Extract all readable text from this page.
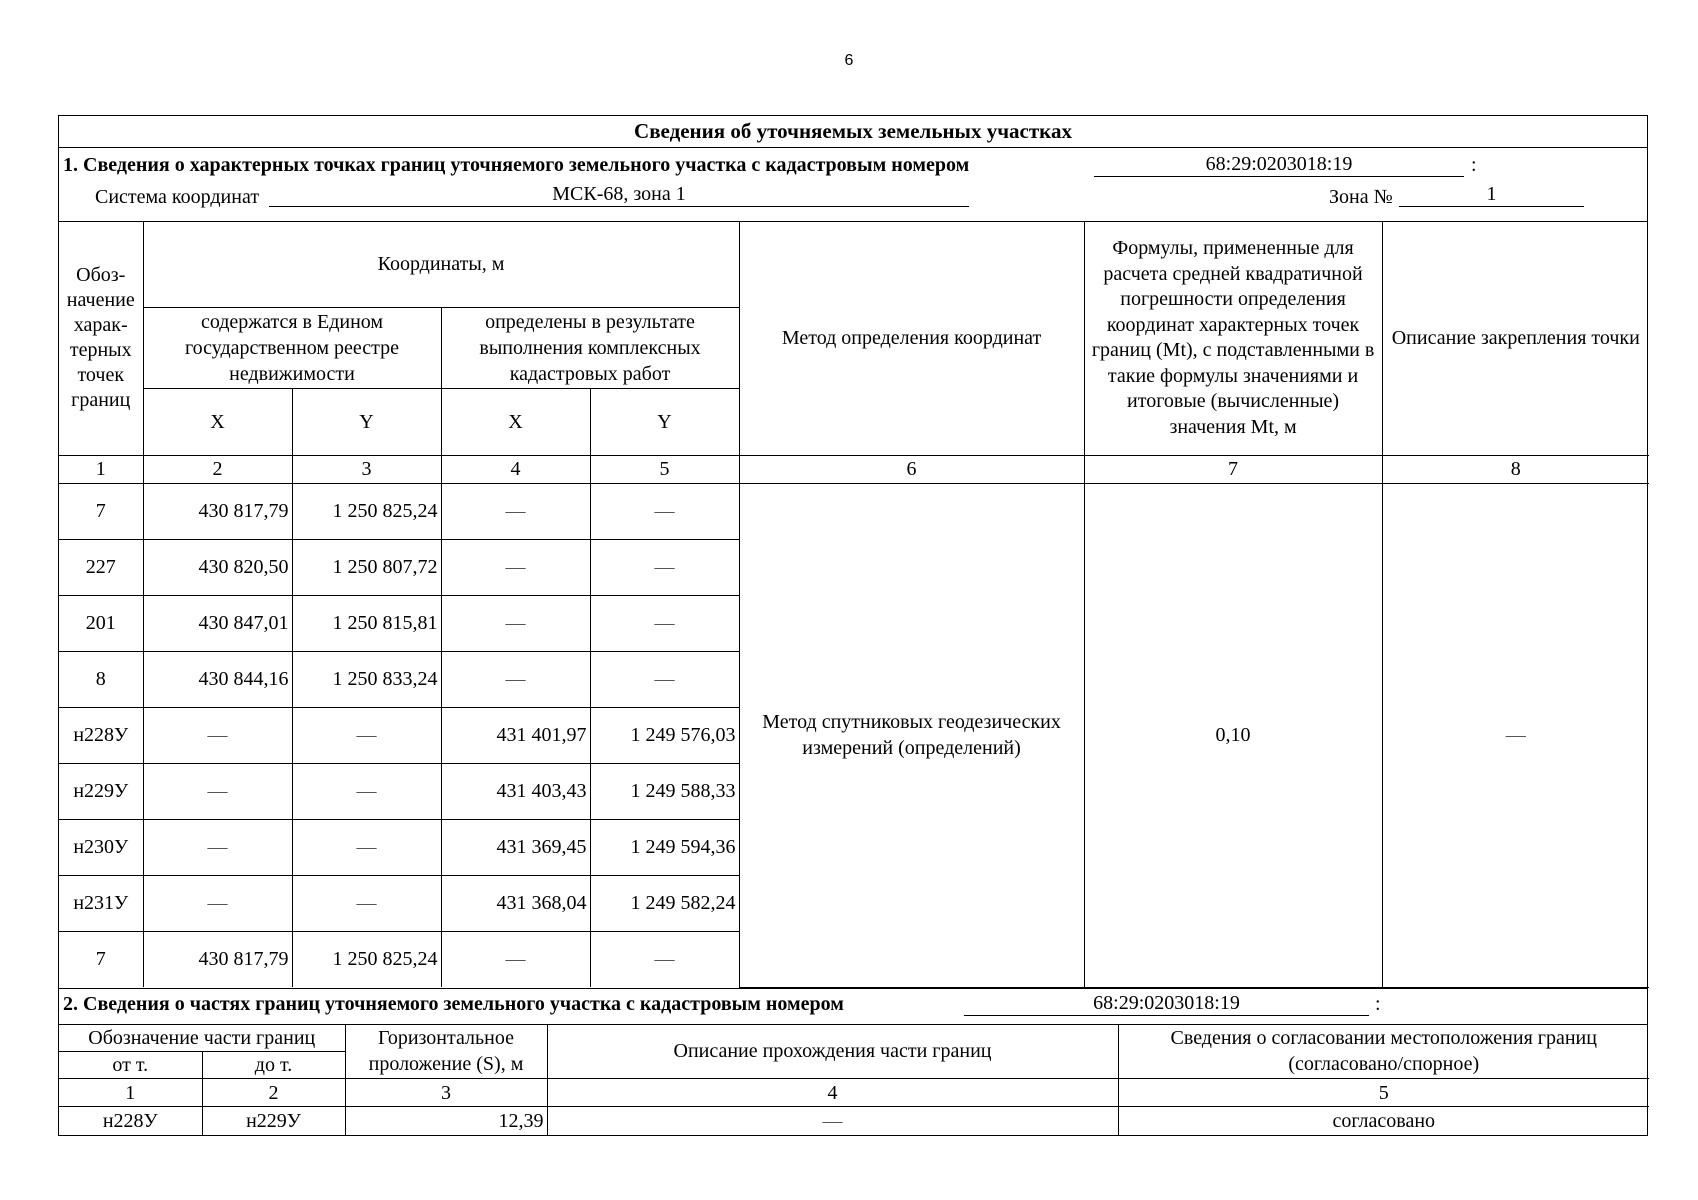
6
Сведения об уточняемых земельных участках
1. Сведения о характерных точках границ уточняемого земельного участка с кадастровым номером	68:29:0203018:19	:
Система координат	МСК-68, зона 1	Зона №	1
Обоз-начение харак-терных точек границ	Координаты, м				Метод определения координат	Формулы, примененные для расчета средней квадратичной погрешности определения координат характерных точек границ (Mt), с подставленными в такие формулы значениями и итоговые (вычисленные) значения Mt, м	Описание закрепления точки
	содержатся в Едином государственном реестре недвижимости		определены в результате выполнения комплексных кадастровых работ				
	X	Y	X	Y			
1	2	3	4	5	6	7	8
7	430 817,79	1 250 825,24	—	—	Метод спутниковых геодезических измерений (определений)	0,10	—
227	430 820,50	1 250 807,72	—	—			
201	430 847,01	1 250 815,81	—	—			
8	430 844,16	1 250 833,24	—	—			
н228У	—	—	431 401,97	1 249 576,03			
н229У	—	—	431 403,43	1 249 588,33			
н230У	—	—	431 369,45	1 249 594,36			
н231У	—	—	431 368,04	1 249 582,24			
7	430 817,79	1 250 825,24	—	—			
2. Сведения о частях границ уточняемого земельного участка с кадастровым номером	68:29:0203018:19	:
Обозначение части границ		Горизонтальное проложение (S), м	Описание прохождения части границ	Сведения о согласовании местоположения границ (согласовано/спорное)
от т.	до т.			
1	2	3	4	5
н228У	н229У	12,39	—	согласовано
